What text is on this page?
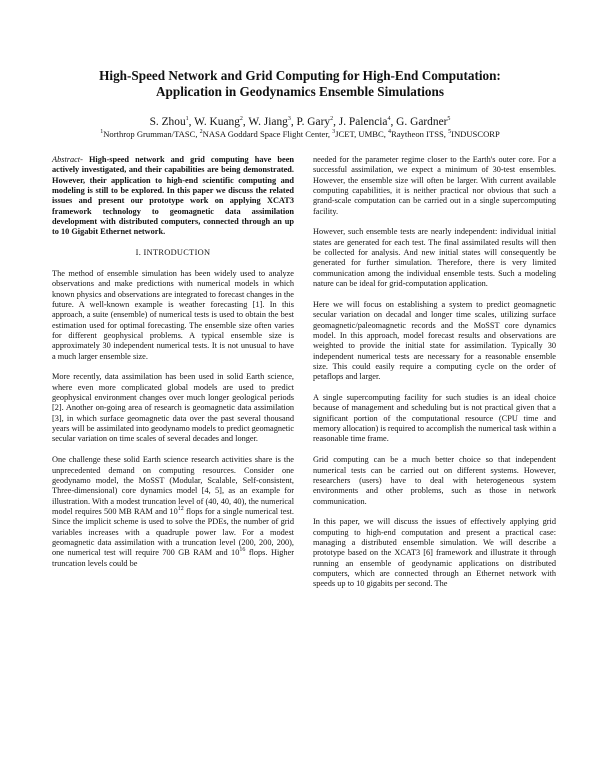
High-Speed Network and Grid Computing for High-End Computation:
Application in Geodynamics Ensemble Simulations
S. Zhou$^1$, W. Kuang$^2$, W. Jiang$^3$, P. Gary$^2$, J. Palencia$^4$, G. Gardner$^5$
$^1$Northrop Grumman/TASC, $^2$NASA Goddard Space Flight Center, $^3$JCET, UMBC, $^4$Raytheon ITSS, $^5$INDUSCORP

Abstract- High-speed network and grid computing have been actively investigated, and their capabilities are being demonstrated. However, their application to high-end scientific computing and modeling is still to be explored. In this paper we discuss the related issues and present our prototype work on applying XCAT3 framework technology to geomagnetic data assimilation development with distributed computers, connected through an up to 10 Gigabit Ethernet network.

I. INTRODUCTION

The method of ensemble simulation has been widely used to analyze observations and make predictions with numerical models in which known physics and observations are integrated to forecast changes in the future. A well-known example is weather forecasting [1]. In this approach, a suite (ensemble) of numerical tests is used to obtain the best estimation used for optimal forecasting. The ensemble size often varies for different geophysical problems. A typical ensemble size is approximately 30 independent numerical tests. It is not unusual to have a much larger ensemble size.

More recently, data assimilation has been used in solid Earth science, where even more complicated global models are used to predict geophysical environment changes over much longer geological periods [2]. Another on-going area of research is geomagnetic data assimilation [3], in which surface geomagnetic data over the past several thousand years will be assimilated into geodynamo models to predict geomagnetic secular variation on time scales of several decades and longer.

One challenge these solid Earth science research activities share is the unprecedented demand on computing resources. Consider one geodynamo model, the MoSST (Modular, Scalable, Self-consistent, Three-dimensional) core dynamics model [4, 5], as an example for illustration. With a modest truncation level of (40, 40, 40), the numerical model requires 500 MB RAM and $10^{12}$ flops for a single numerical test. Since the implicit scheme is used to solve the PDEs, the number of grid variables increases with a quadruple power law. For a modest geomagnetic data assimilation with a truncation level (200, 200, 200), one numerical test will require 700 GB RAM and $10^{16}$ flops. Higher truncation levels could be

needed for the parameter regime closer to the Earth's outer core. For a successful assimilation, we expect a minimum of 30-test ensembles. However, the ensemble size will often be larger. With current available computing capabilities, it is neither practical nor obvious that such a grand-scale computation can be carried out in a single supercomputing facility.

However, such ensemble tests are nearly independent: individual initial states are generated for each test. The final assimilated results will then be collected for analysis. And new initial states will consequently be generated for further simulation. Therefore, there is very limited communication among the individual ensemble tests. Such a modeling nature can be ideal for grid-computation application.

Here we will focus on establishing a system to predict geomagnetic secular variation on decadal and longer time scales, utilizing surface geomagnetic/paleomagnetic records and the MoSST core dynamics model. In this approach, model forecast results and observations are weighted to provide the initial state for assimilation. Typically 30 independent numerical tests are necessary for a reasonable ensemble size. This could easily require a computing cycle on the order of petaflops and larger.

A single supercomputing facility for such studies is an ideal choice because of management and scheduling but is not practical given that a significant portion of the computational resource (CPU time and memory allocation) is required to accomplish the numerical task within a reasonable time frame.

Grid computing can be a much better choice so that independent numerical tests can be carried out on different systems. However, researchers (users) have to deal with heterogeneous system environments and other problems, such as those in network communication.

In this paper, we will discuss the issues of effectively applying grid computing to high-end computation and present a practical case: managing a distributed ensemble simulation. We will describe a prototype based on the XCAT3 [6] framework and illustrate it through running an ensemble of geodynamic applications on distributed computers, which are connected through an Ethernet network with speeds up to 10 gigabits per second. The
